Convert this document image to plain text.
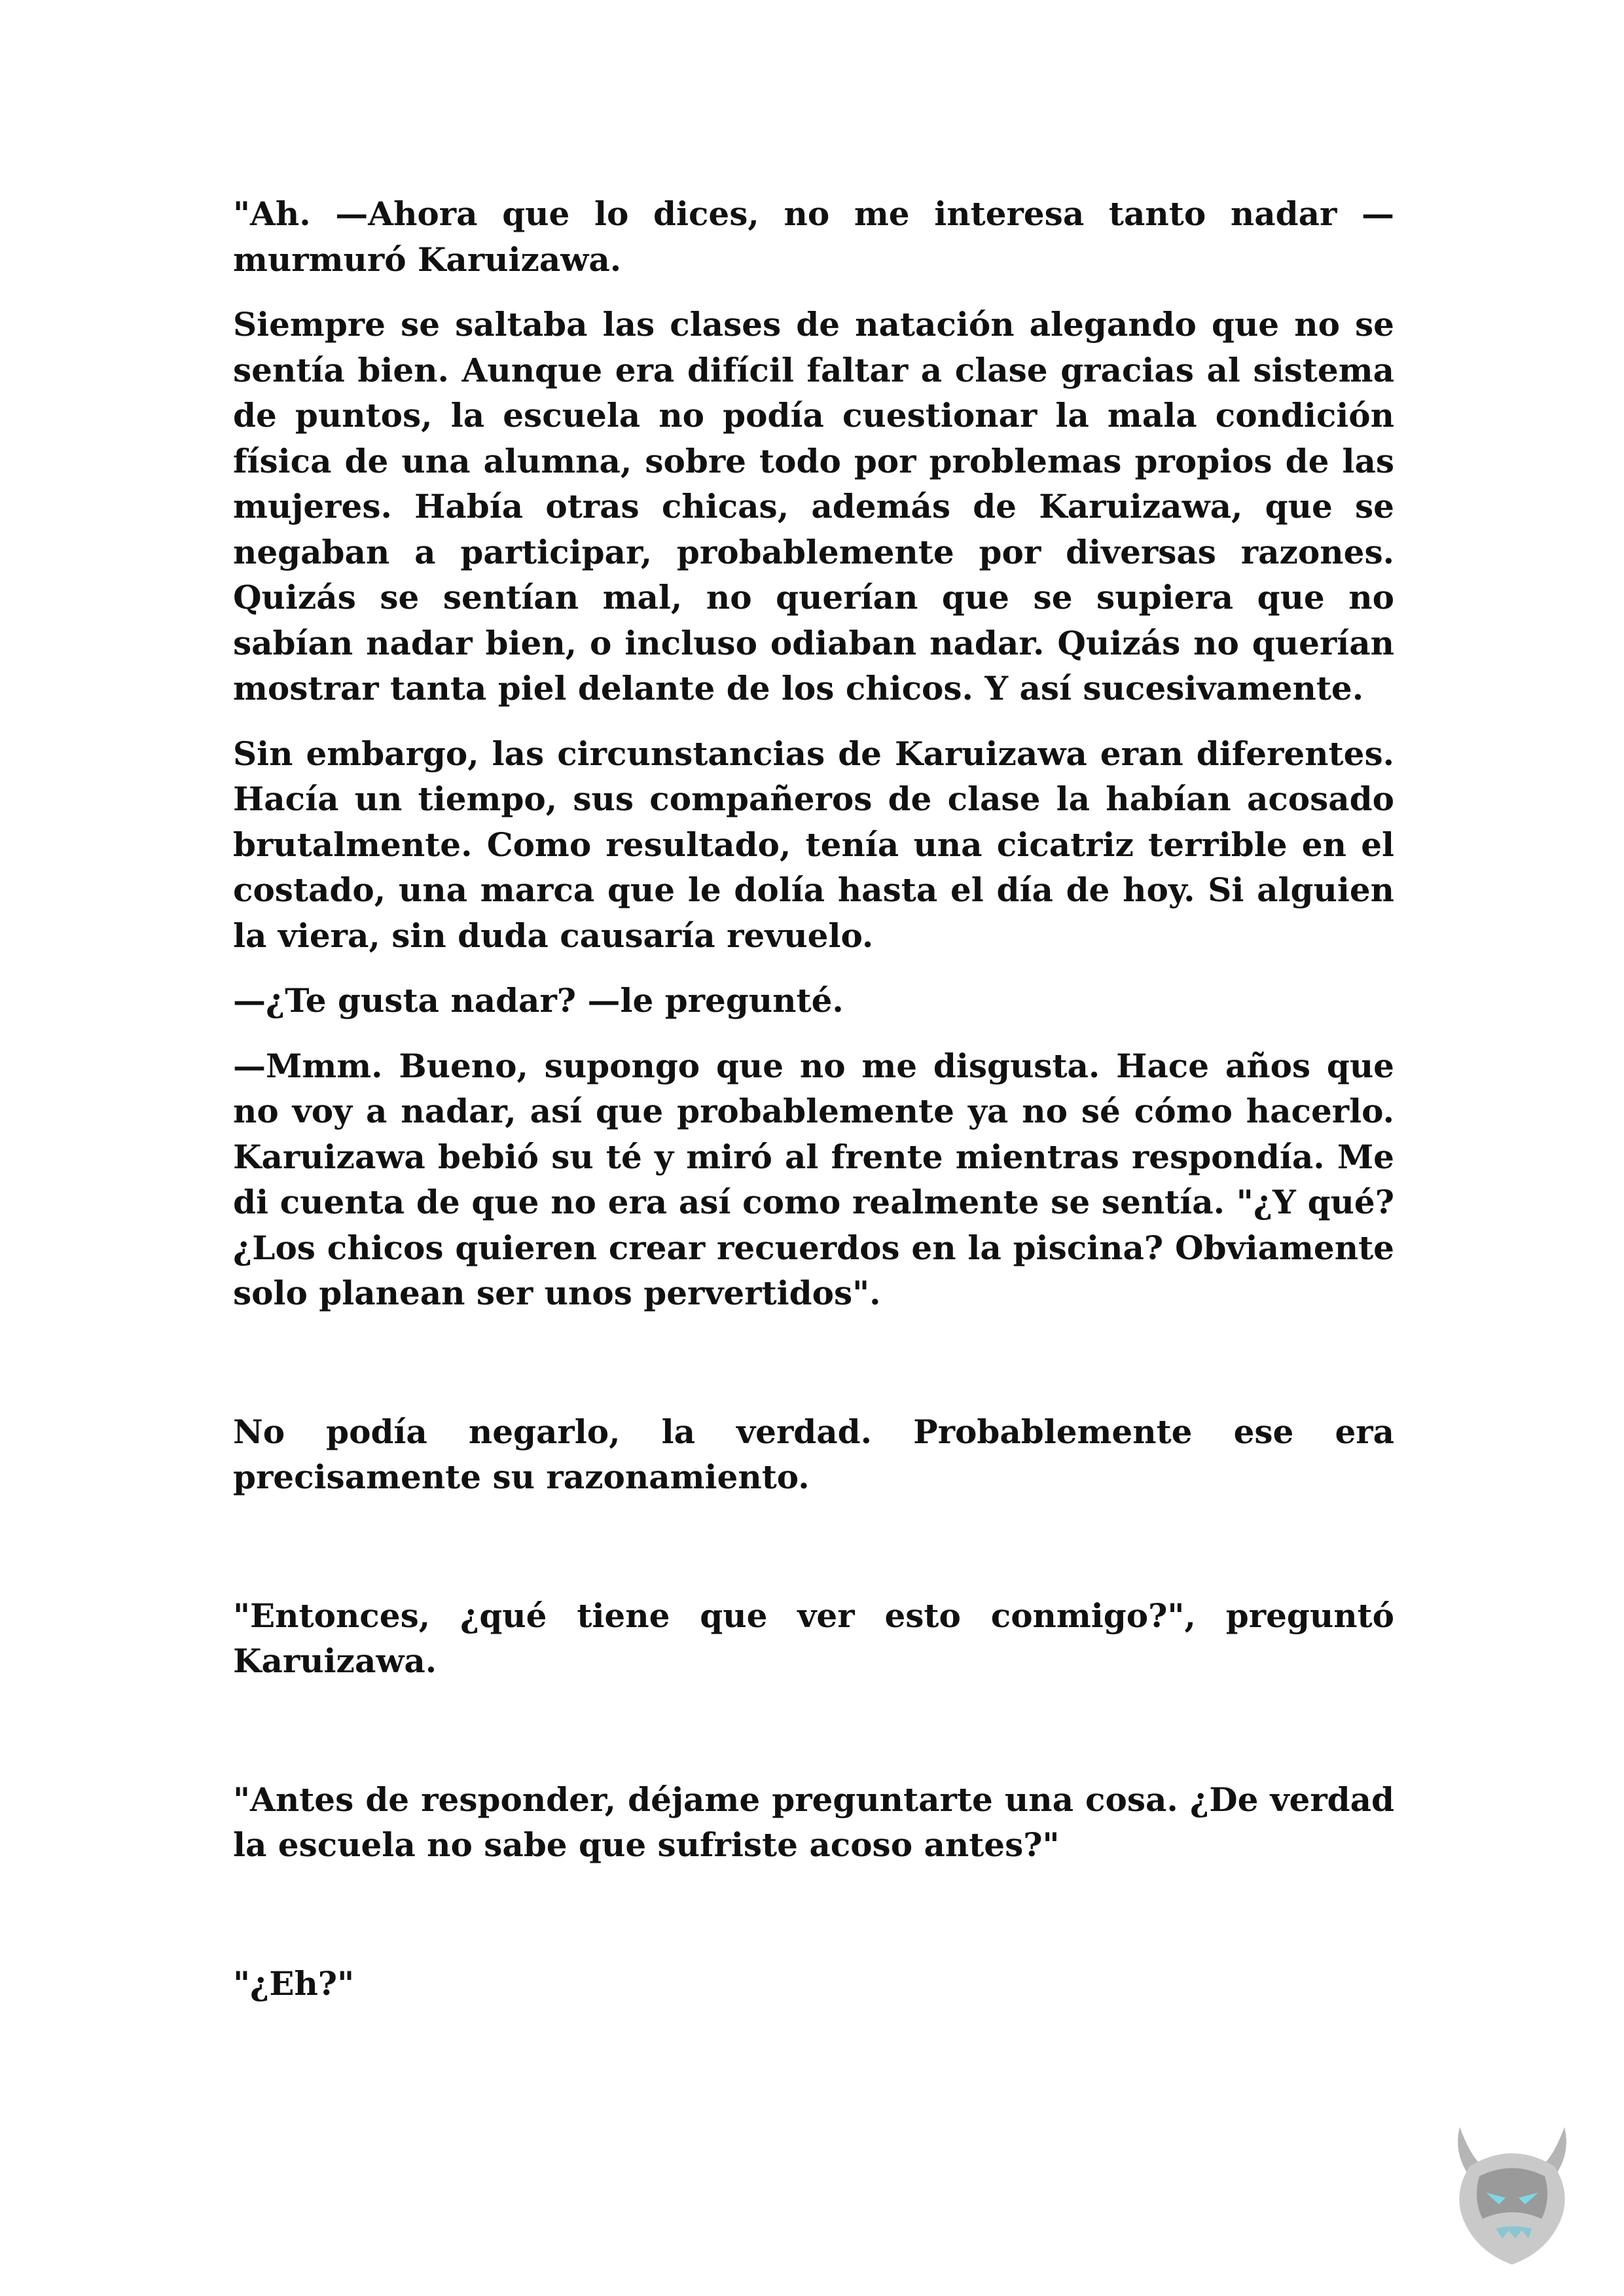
"Ah. —Ahora que lo dices, no me interesa tanto nadar — murmuró Karuizawa.

Siempre se saltaba las clases de natación alegando que no se sentía bien. Aunque era difícil faltar a clase gracias al sistema de puntos, la escuela no podía cuestionar la mala condición física de una alumna, sobre todo por problemas propios de las mujeres. Había otras chicas, además de Karuizawa, que se negaban a participar, probablemente por diversas razones. Quizás se sentían mal, no querían que se supiera que no sabían nadar bien, o incluso odiaban nadar. Quizás no querían mostrar tanta piel delante de los chicos. Y así sucesivamente.

Sin embargo, las circunstancias de Karuizawa eran diferentes. Hacía un tiempo, sus compañeros de clase la habían acosado brutalmente. Como resultado, tenía una cicatriz terrible en el costado, una marca que le dolía hasta el día de hoy. Si alguien la viera, sin duda causaría revuelo.

—¿Te gusta nadar? —le pregunté.

—Mmm. Bueno, supongo que no me disgusta. Hace años que no voy a nadar, así que probablemente ya no sé cómo hacerlo. Karuizawa bebió su té y miró al frente mientras respondía. Me di cuenta de que no era así como realmente se sentía. "¿Y qué? ¿Los chicos quieren crear recuerdos en la piscina? Obviamente solo planean ser unos pervertidos".

No podía negarlo, la verdad. Probablemente ese era precisamente su razonamiento.

"Entonces, ¿qué tiene que ver esto conmigo?", preguntó Karuizawa.

"Antes de responder, déjame preguntarte una cosa. ¿De verdad la escuela no sabe que sufriste acoso antes?"

"¿Eh?"
